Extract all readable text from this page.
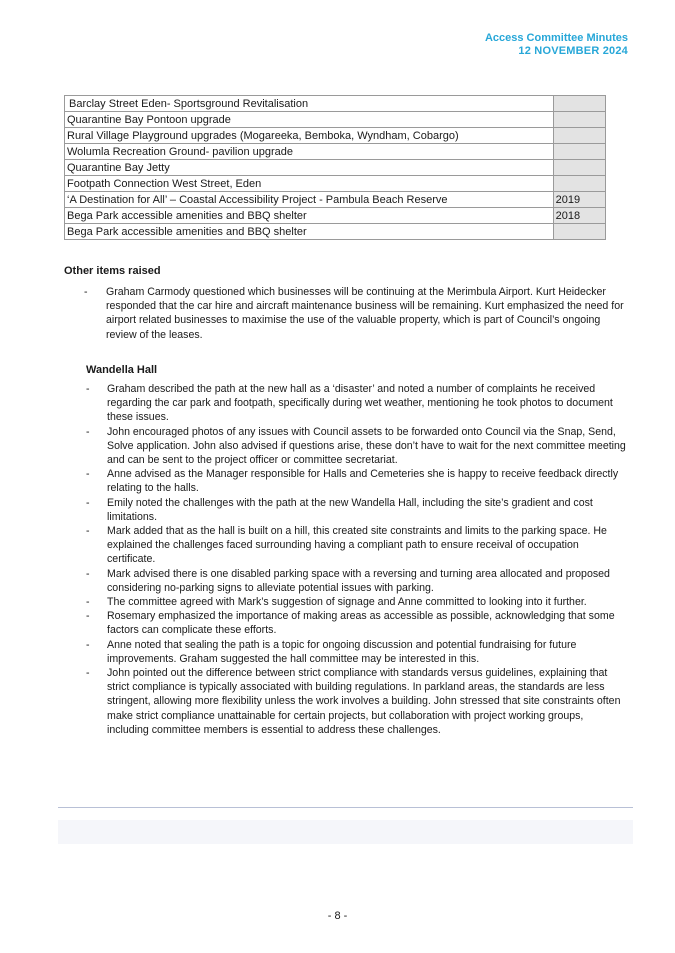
Access Committee Minutes
12 NOVEMBER 2024
Barclay Street Eden- Sportsground Revitalisation	
Quarantine Bay Pontoon upgrade	
Rural Village Playground upgrades (Mogareeka, Bemboka, Wyndham, Cobargo)	
Wolumla Recreation Ground- pavilion upgrade	
Quarantine Bay Jetty	
Footpath Connection West Street, Eden	
‘A Destination for All’ – Coastal Accessibility Project - Pambula Beach Reserve	2019
Bega Park accessible amenities and BBQ shelter	2018
Bega Park accessible amenities and BBQ shelter	
Other items raised
- Graham Carmody questioned which businesses will be continuing at the Merimbula Airport. Kurt Heidecker responded that the car hire and aircraft maintenance business will be remaining. Kurt emphasized the need for airport related businesses to maximise the use of the valuable property, which is part of Council’s ongoing review of the leases.
Wandella Hall
- Graham described the path at the new hall as a ‘disaster’ and noted a number of complaints he received regarding the car park and footpath, specifically during wet weather, mentioning he took photos to document these issues.
- John encouraged photos of any issues with Council assets to be forwarded onto Council via the Snap, Send, Solve application. John also advised if questions arise, these don’t have to wait for the next committee meeting and can be sent to the project officer or committee secretariat.
- Anne advised as the Manager responsible for Halls and Cemeteries she is happy to receive feedback directly relating to the halls.
- Emily noted the challenges with the path at the new Wandella Hall, including the site’s gradient and cost limitations.
- Mark added that as the hall is built on a hill, this created site constraints and limits to the parking space. He explained the challenges faced surrounding having a compliant path to ensure receival of occupation certificate.
- Mark advised there is one disabled parking space with a reversing and turning area allocated and proposed considering no-parking signs to alleviate potential issues with parking.
- The committee agreed with Mark’s suggestion of signage and Anne committed to looking into it further.
- Rosemary emphasized the importance of making areas as accessible as possible, acknowledging that some factors can complicate these efforts.
- Anne noted that sealing the path is a topic for ongoing discussion and potential fundraising for future improvements. Graham suggested the hall committee may be interested in this.
- John pointed out the difference between strict compliance with standards versus guidelines, explaining that strict compliance is typically associated with building regulations. In parkland areas, the standards are less stringent, allowing more flexibility unless the work involves a building. John stressed that site constraints often make strict compliance unattainable for certain projects, but collaboration with project working groups, including committee members is essential to address these challenges.
- 8 -
